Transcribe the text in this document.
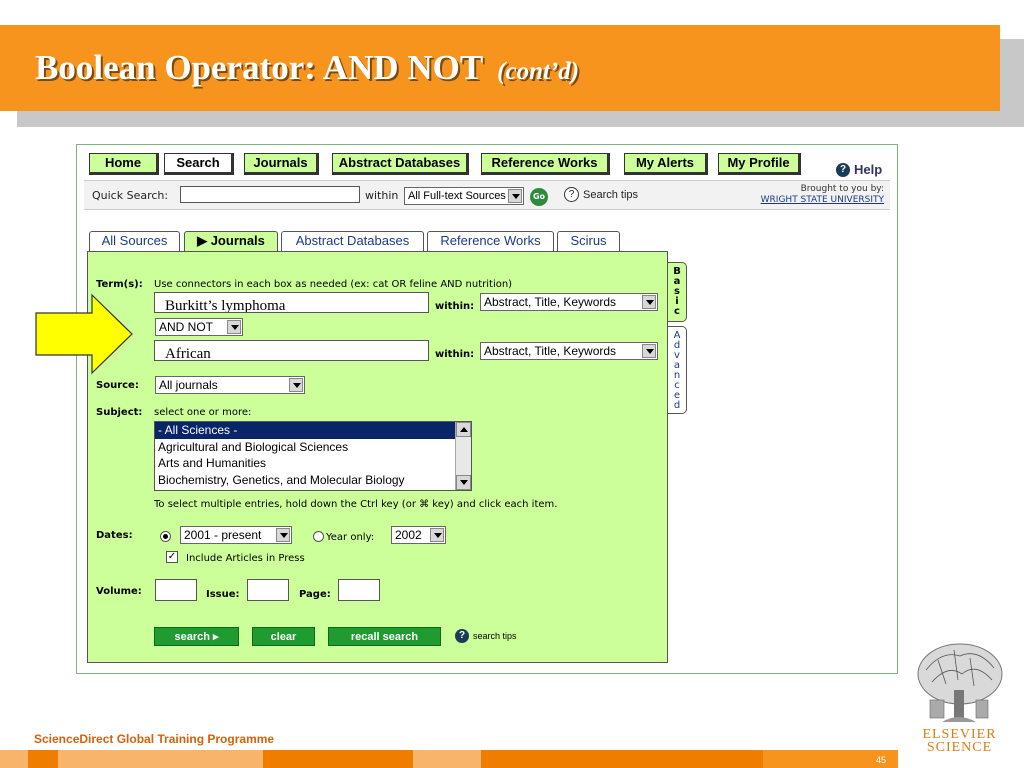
Boolean Operator: AND NOT (cont’d)
Home	Search	Journals	Abstract Databases	Reference Works	My Alerts	My Profile	? Help
Quick Search:	within All Full-text Sources	Go	? Search tips	Brought to you by:
WRIGHT STATE UNIVERSITY
All Sources	▶ Journals	Abstract Databases	Reference Works	Scirus
B
a
s
i
c
A
d
v
a
n
c
e
d
Term(s): Use connectors in each box as needed (ex: cat OR feline AND nutrition)
Burkitt’s lymphoma	within: Abstract, Title, Keywords
AND NOT
African	within: Abstract, Title, Keywords
Source:	All journals
Subject: select one or more:
- All Sciences -
Agricultural and Biological Sciences
Arts and Humanities
Biochemistry, Genetics, and Molecular Biology
To select multiple entries, hold down the Ctrl key (or ⌘ key) and click each item.
Dates:	2001 - present	Year only:	2002
✓ Include Articles in Press
Volume:	Issue:	Page:
search ▸	clear	recall search	? search tips
ELSEVIER
SCIENCE
ScienceDirect Global Training Programme
45
